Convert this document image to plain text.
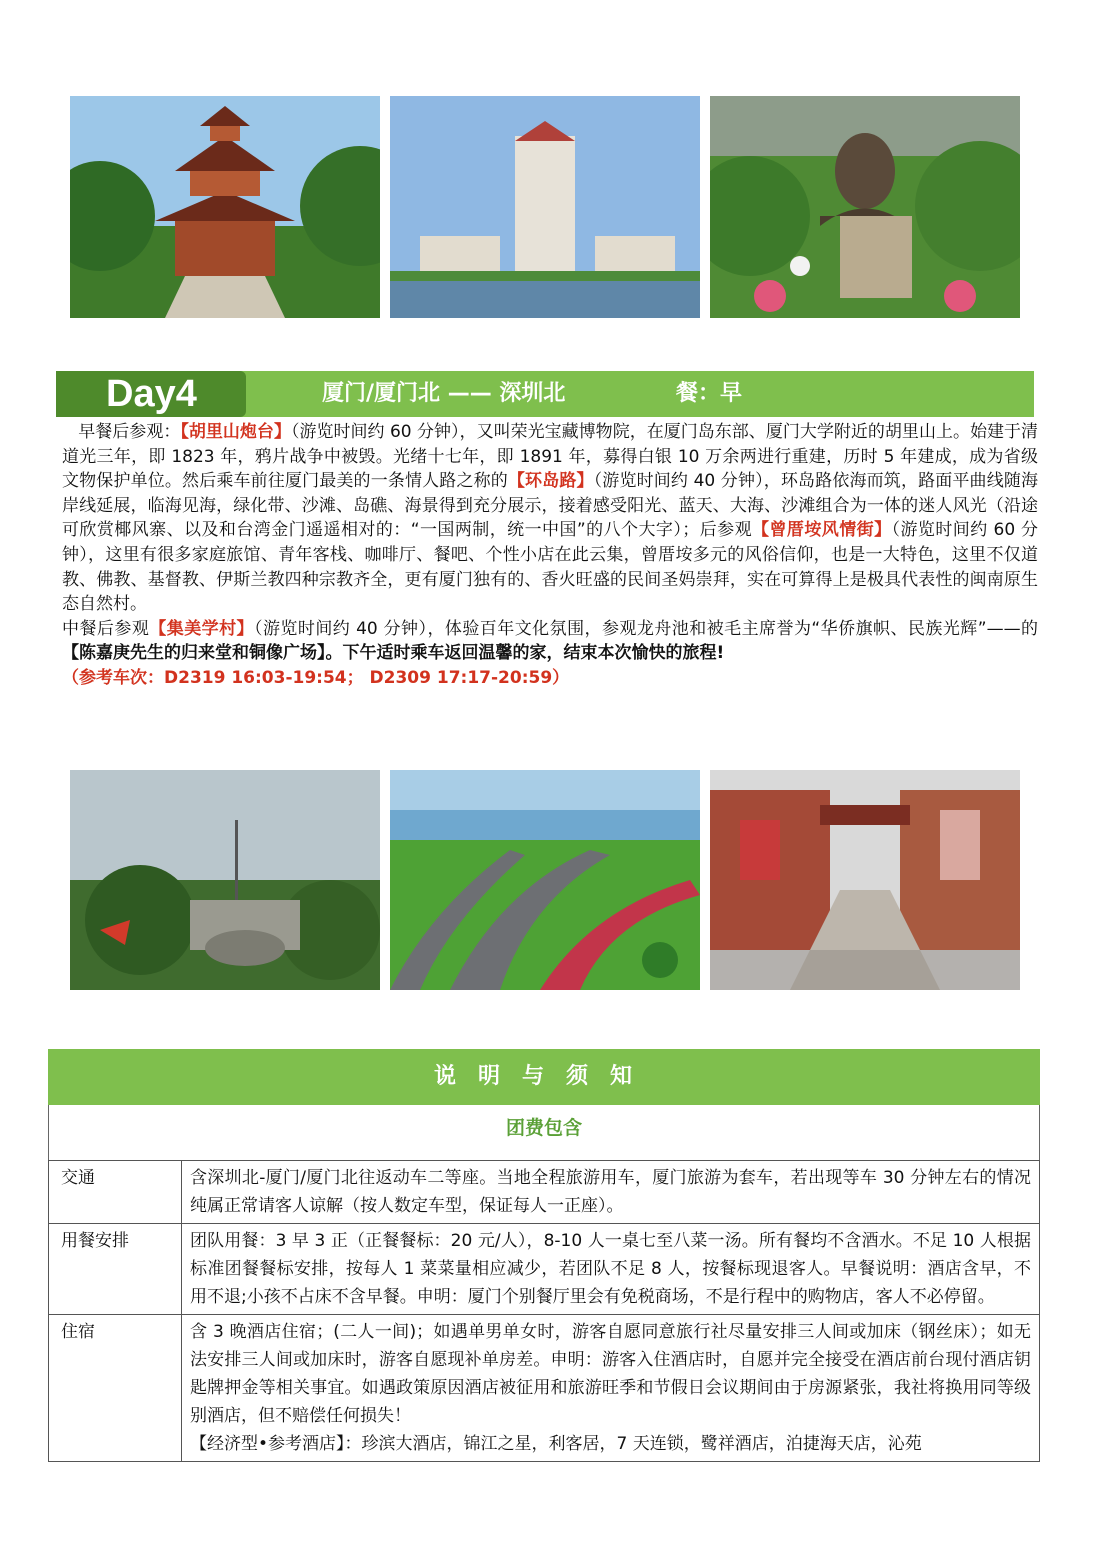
Day4	厦门/厦门北 —— 深圳北	餐：早

早餐后参观：【胡里山炮台】（游览时间约 60 分钟），又叫荣光宝藏博物院，在厦门岛东部、厦门大学附近的胡里山上。始建于清道光三年，即 1823 年，鸦片战争中被毁。光绪十七年，即 1891 年，募得白银 10 万余两进行重建，历时 5 年建成，成为省级文物保护单位。然后乘车前往厦门最美的一条情人路之称的【环岛路】（游览时间约 40 分钟），环岛路依海而筑，路面平曲线随海岸线延展，临海见海，绿化带、沙滩、岛礁、海景得到充分展示，接着感受阳光、蓝天、大海、沙滩组合为一体的迷人风光（沿途可欣赏椰风寨、以及和台湾金门遥遥相对的：“一国两制，统一中国”的八个大字）；后参观【曾厝垵风情街】（游览时间约 60 分钟），这里有很多家庭旅馆、青年客栈、咖啡厅、餐吧、个性小店在此云集，曾厝垵多元的风俗信仰，也是一大特色，这里不仅道教、佛教、基督教、伊斯兰教四种宗教齐全，更有厦门独有的、香火旺盛的民间圣妈崇拜，实在可算得上是极具代表性的闽南原生态自然村。

中餐后参观【集美学村】（游览时间约 40 分钟），体验百年文化氛围，参观龙舟池和被毛主席誉为“华侨旗帜、民族光辉”——的【陈嘉庚先生的归来堂和铜像广场】。下午适时乘车返回温馨的家，结束本次愉快的旅程!

（参考车次：D2319 16:03-19:54； D2309 17:17-20:59）

说明与须知
团费包含
交通	含深圳北-厦门/厦门北往返动车二等座。当地全程旅游用车，厦门旅游为套车，若出现等车 30 分钟左右的情况纯属正常请客人谅解（按人数定车型，保证每人一正座）。
用餐安排	团队用餐：3 早 3 正（正餐餐标：20 元/人），8-10 人一桌七至八菜一汤。所有餐均不含酒水。不足 10 人根据标准团餐餐标安排，按每人 1 菜菜量相应减少，若团队不足 8 人，按餐标现退客人。早餐说明：酒店含早，不用不退;小孩不占床不含早餐。申明：厦门个别餐厅里会有免税商场，不是行程中的购物店，客人不必停留。
住宿	含 3 晚酒店住宿；(二人一间)；如遇单男单女时，游客自愿同意旅行社尽量安排三人间或加床（钢丝床）；如无法安排三人间或加床时，游客自愿现补单房差。申明：游客入住酒店时，自愿并完全接受在酒店前台现付酒店钥匙牌押金等相关事宜。如遇政策原因酒店被征用和旅游旺季和节假日会议期间由于房源紧张，我社将换用同等级别酒店，但不赔偿任何损失！
【经济型•参考酒店】：珍滨大酒店，锦江之星，利客居，7 天连锁，鹭祥酒店，泊捷海天店，沁苑
